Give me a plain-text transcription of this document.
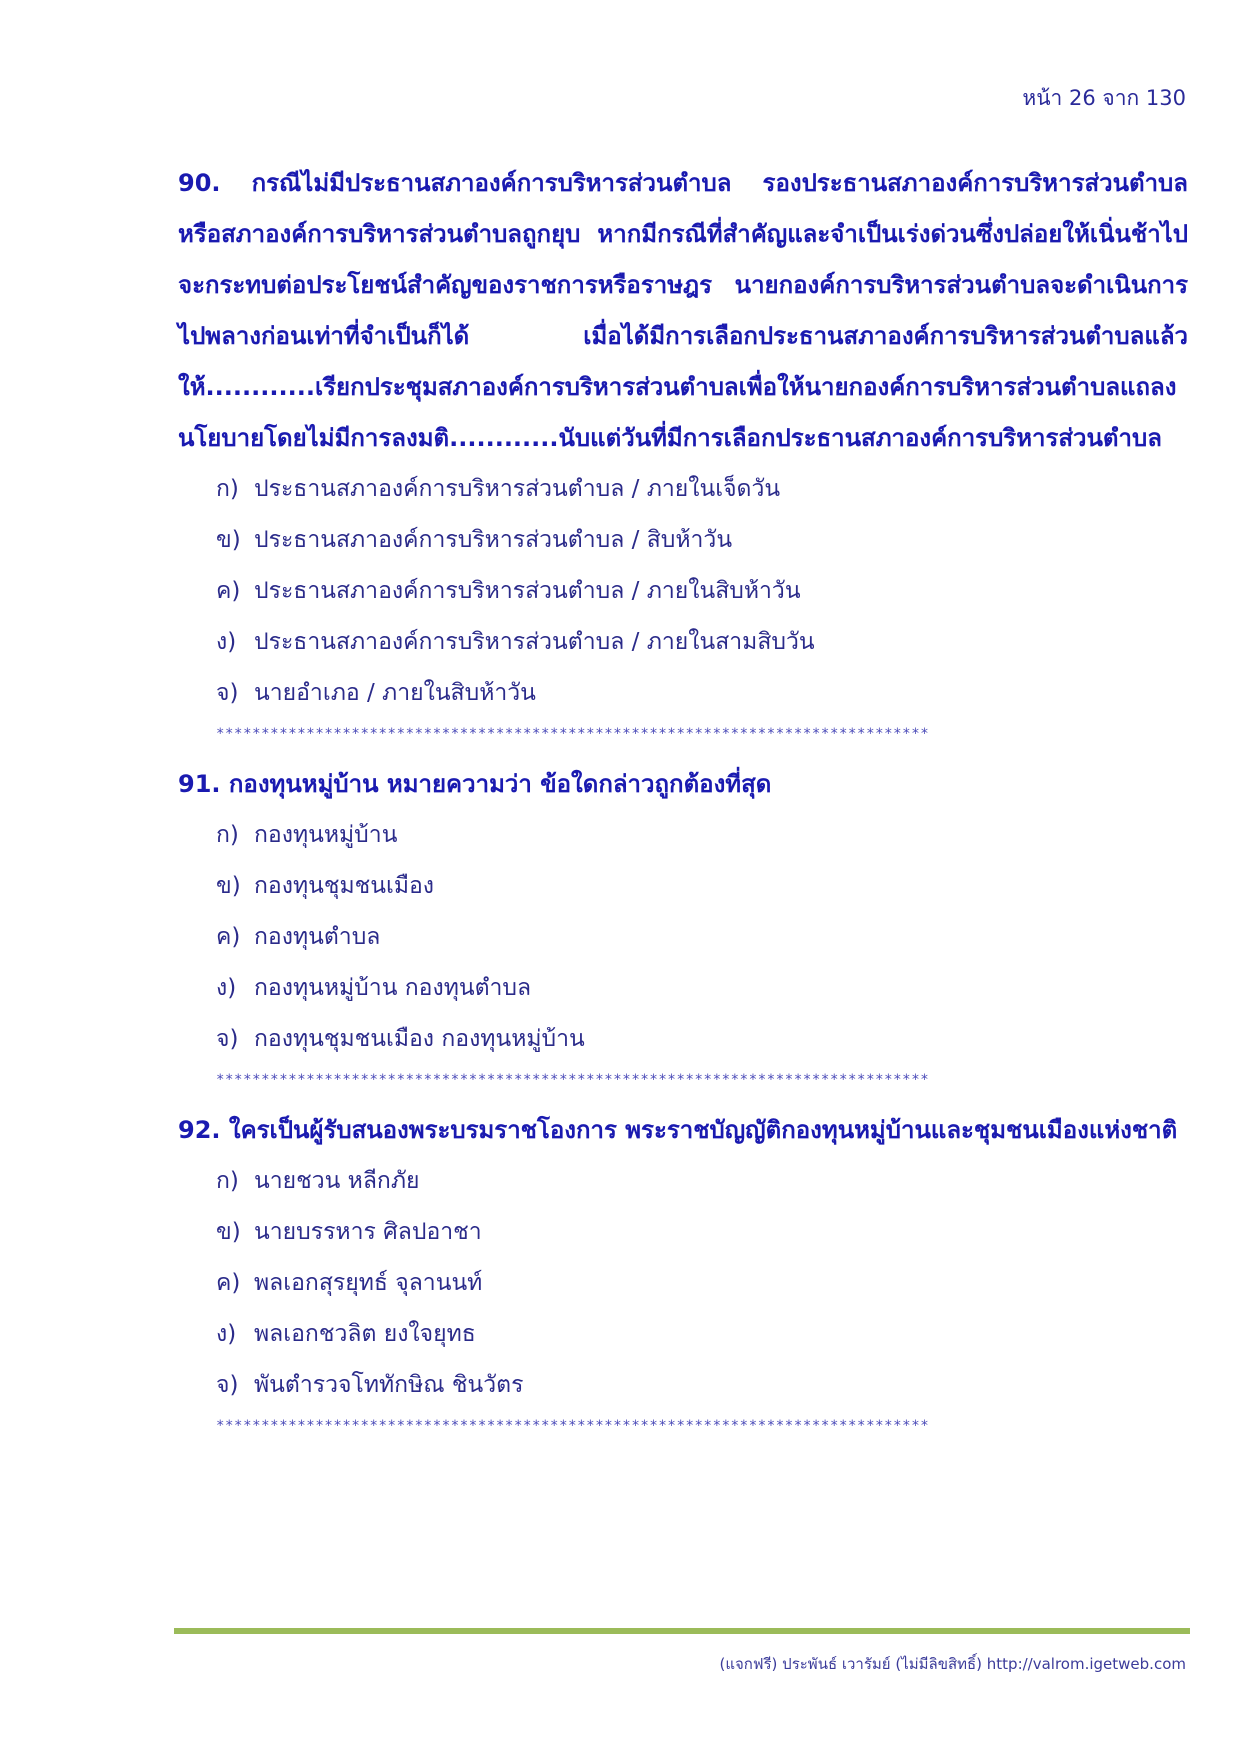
หน้า 26 จาก 130
90. กรณีไม่มีประธานสภาองค์การบริหารส่วนตำบล รองประธานสภาองค์การบริหารส่วนตำบล หรือสภาองค์การบริหารส่วนตำบลถูกยุบ หากมีกรณีที่สำคัญและจำเป็นเร่งด่วนซึ่งปล่อยให้เนิ่นช้าไปจะกระทบต่อประโยชน์สำคัญของราชการหรือราษฎร นายกองค์การบริหารส่วนตำบลจะดำเนินการไปพลางก่อนเท่าที่จำเป็นก็ได้ เมื่อได้มีการเลือกประธานสภาองค์การบริหารส่วนตำบลแล้ว ให้............เรียกประชุมสภาองค์การบริหารส่วนตำบลเพื่อให้นายกองค์การบริหารส่วนตำบลแถลงนโยบายโดยไม่มีการลงมติ............นับแต่วันที่มีการเลือกประธานสภาองค์การบริหารส่วนตำบล
ก) ประธานสภาองค์การบริหารส่วนตำบล / ภายในเจ็ดวัน
ข) ประธานสภาองค์การบริหารส่วนตำบล / สิบห้าวัน
ค) ประธานสภาองค์การบริหารส่วนตำบล / ภายในสิบห้าวัน
ง) ประธานสภาองค์การบริหารส่วนตำบล / ภายในสามสิบวัน
จ) นายอำเภอ / ภายในสิบห้าวัน
*******************************************************************************
91. กองทุนหมู่บ้าน หมายความว่า ข้อใดกล่าวถูกต้องที่สุด
ก) กองทุนหมู่บ้าน
ข) กองทุนชุมชนเมือง
ค) กองทุนตำบล
ง) กองทุนหมู่บ้าน กองทุนตำบล
จ) กองทุนชุมชนเมือง กองทุนหมู่บ้าน
*******************************************************************************
92. ใครเป็นผู้รับสนองพระบรมราชโองการ พระราชบัญญัติกองทุนหมู่บ้านและชุมชนเมืองแห่งชาติ
ก) นายชวน หลีกภัย
ข) นายบรรหาร ศิลปอาชา
ค) พลเอกสุรยุทธ์ จุลานนท์
ง) พลเอกชวลิต ยงใจยุทธ
จ) พันตำรวจโททักษิณ ชินวัตร
*******************************************************************************
(แจกฟรี) ประพันธ์ เวารัมย์ (ไม่มีลิขสิทธิ์) http://valrom.igetweb.com
